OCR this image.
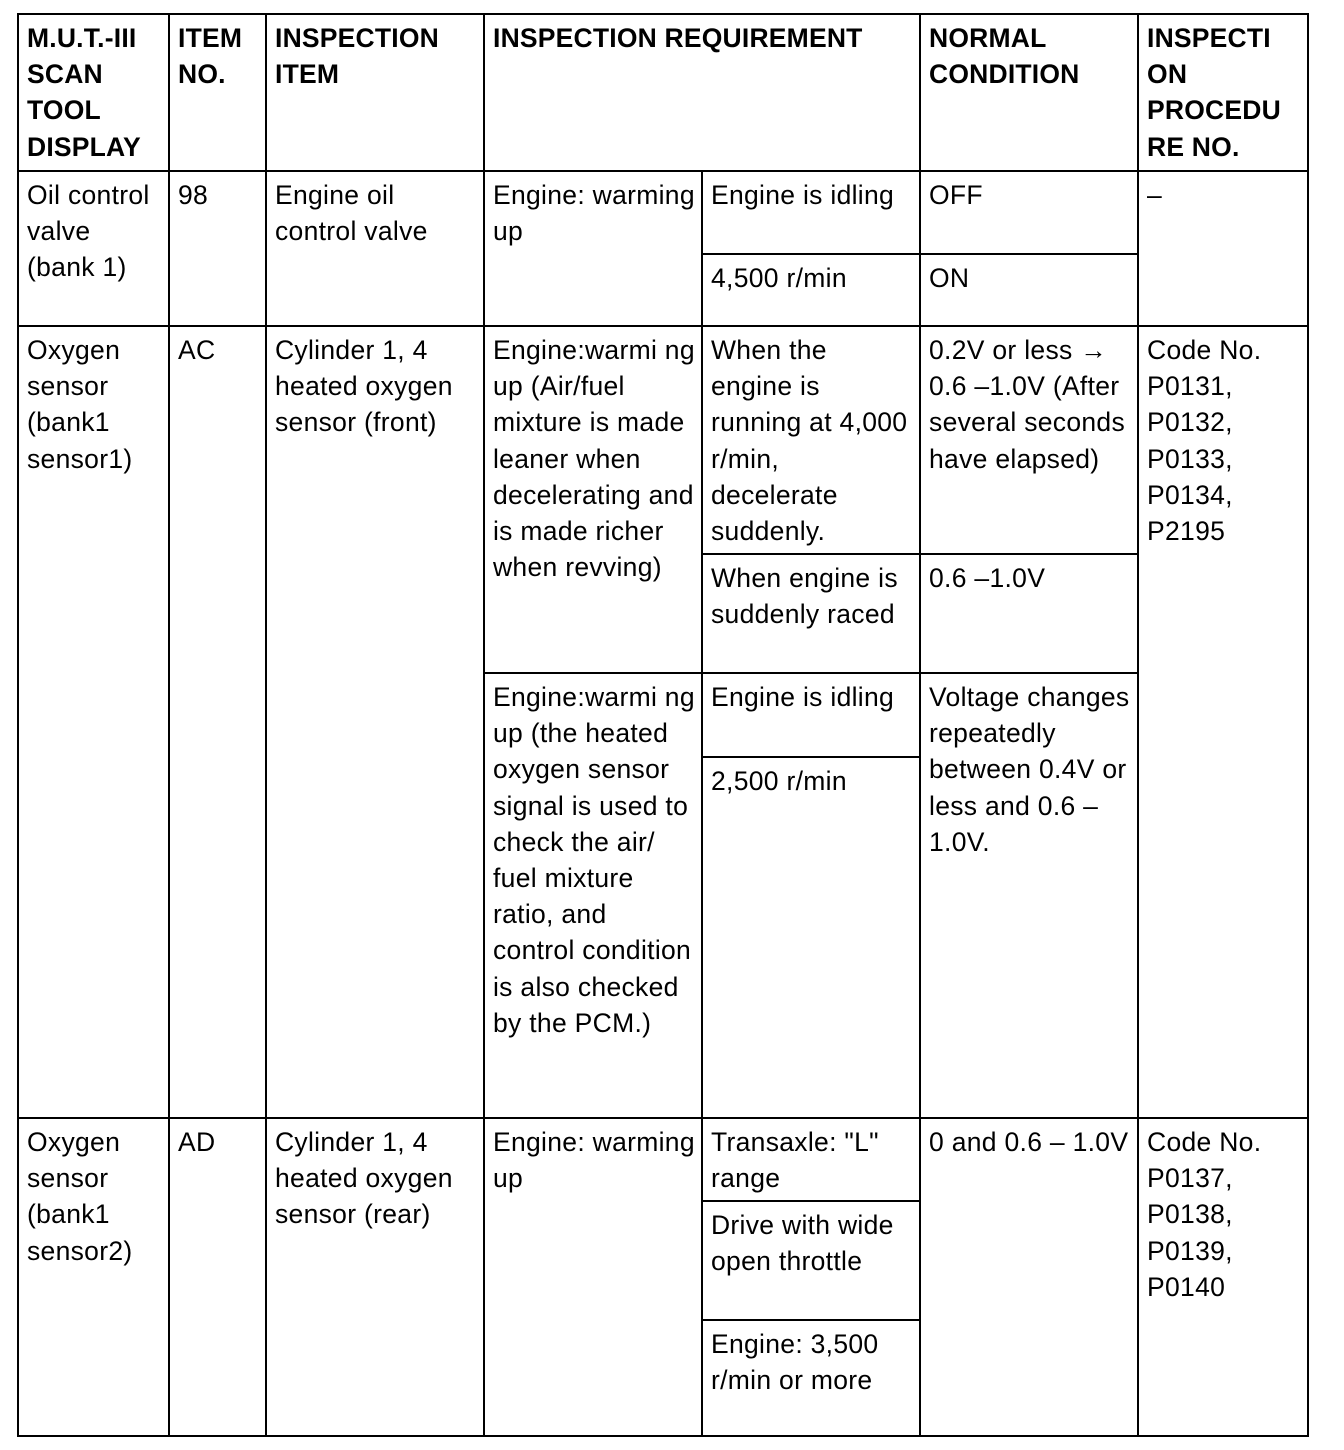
M.U.T.-III SCAN TOOL DISPLAY	ITEM NO.	INSPECTION ITEM	INSPECTION REQUIREMENT		NORMAL CONDITION	INSPECTI ON PROCEDU RE NO.
Oil control valve (bank 1)	98	Engine oil control valve	Engine: warming up	Engine is idling	OFF	–
				4,500 r/min	ON	
Oxygen sensor (bank1 sensor1)	AC	Cylinder 1, 4 heated oxygen sensor (front)	Engine:warmi ng up (Air/fuel mixture is made leaner when decelerating and is made richer when revving)	When the engine is running at 4,000 r/min, decelerate suddenly.	0.2V or less → 0.6 –1.0V (After several seconds have elapsed)	Code No. P0131, P0132, P0133, P0134, P2195
				When engine is suddenly raced	0.6 –1.0V	
			Engine:warmi ng up (the heated oxygen sensor signal is used to check the air/ fuel mixture ratio, and control condition is also checked by the PCM.)	Engine is idling	Voltage changes repeatedly between 0.4V or less and 0.6 –1.0V.	
				2,500 r/min		
Oxygen sensor (bank1 sensor2)	AD	Cylinder 1, 4 heated oxygen sensor (rear)	Engine: warming up	Transaxle: "L" range	0 and 0.6 – 1.0V	Code No. P0137, P0138, P0139, P0140
				Drive with wide open throttle		
				Engine: 3,500 r/min or more		
